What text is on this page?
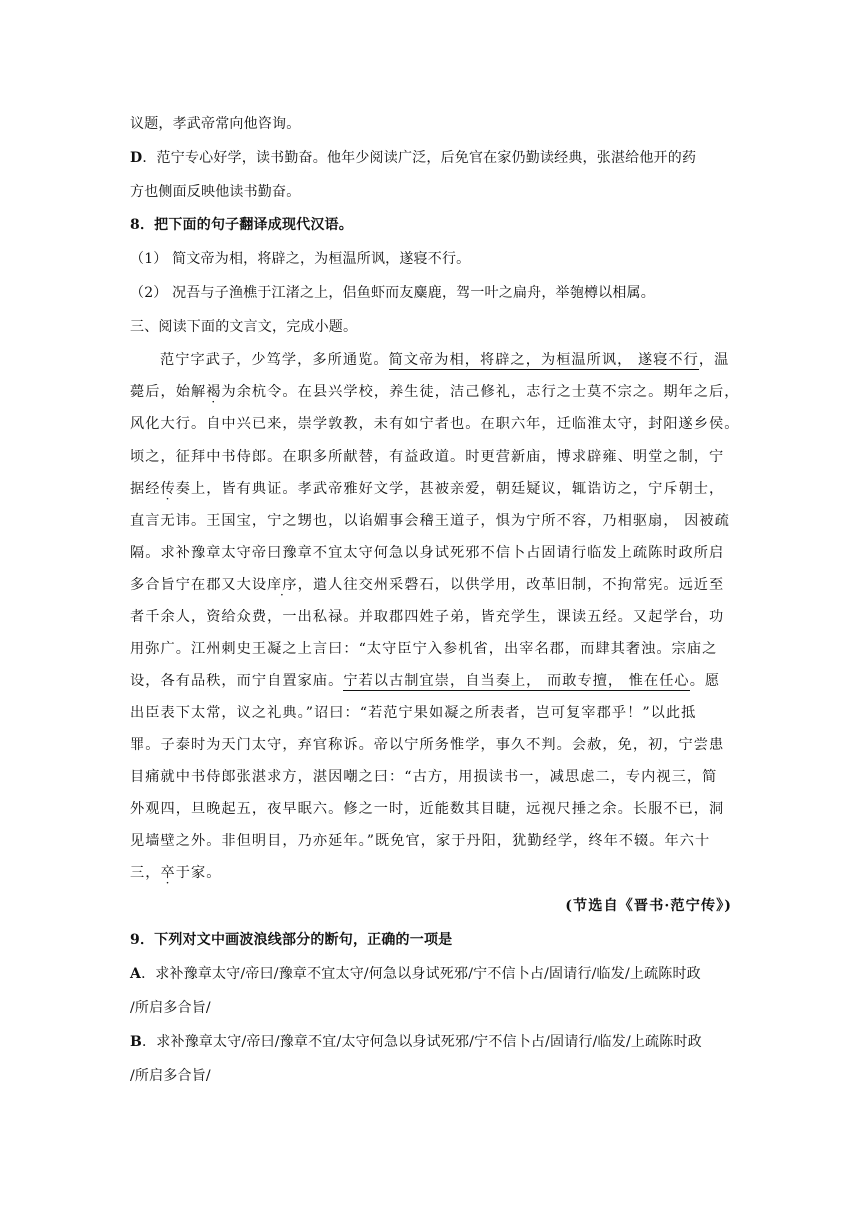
议题，孝武帝常向他咨询。
D．范宁专心好学，读书勤奋。他年少阅读广泛，后免官在家仍勤读经典，张湛给他开的药
方也侧面反映他读书勤奋。
8．把下面的句子翻译成现代汉语。
（1） 简文帝为相，将辟之，为桓温所讽，遂寝不行。
（2） 况吾与子渔樵于江渚之上，侣鱼虾而友麋鹿，驾一叶之扁舟，举匏樽以相属。
三、阅读下面的文言文，完成小题。
范宁字武子，少笃学，多所通览。简文帝为相，将辟之，为桓温所讽， 遂寝不行，温
薨后，始解褐为余杭令。在县兴学校，养生徒，洁己修礼，志行之士莫不宗之。期年之后，
风化大行。自中兴已来，崇学敦教，未有如宁者也。在职六年，迁临淮太守，封阳遂乡侯。
顷之，征拜中书侍郎。在职多所献替，有益政道。时更营新庙，博求辟雍、明堂之制，宁
据经传奏上，皆有典证。孝武帝雅好文学，甚被亲爱，朝廷疑议，辄诰访之，宁斥朝士，
直言无讳。王国宝，宁之甥也，以谄媚事会稽王道子，惧为宁所不容，乃相驱扇， 因被疏
隔。求补豫章太守帝曰豫章不宜太守何急以身试死邪不信卜占固请行临发上疏陈时政所启
多合旨宁在郡又大设庠序，遣人往交州采磬石，以供学用，改革旧制，不拘常宪。远近至
者千余人，资给众费，一出私禄。并取郡四姓子弟，皆充学生，课读五经。又起学台，功
用弥广。江州刺史王凝之上言曰：“太守臣宁入参机省，出宰名郡，而肆其奢浊。宗庙之
设，各有品秩，而宁自置家庙。宁若以古制宜崇，自当奏上， 而敢专擅， 惟在任心。愿
出臣表下太常，议之礼典。”诏曰：“若范宁果如凝之所表者，岂可复宰郡乎！”以此抵
罪。子泰时为天门太守，弃官称诉。帝以宁所务惟学，事久不判。会赦，免，初，宁尝患
目痛就中书侍郎张湛求方，湛因嘲之曰：“古方，用损读书一，减思虑二，专内视三，简
外观四，旦晚起五，夜早眠六。修之一时，近能数其目睫，远视尺捶之余。长服不已，洞
见墙壁之外。非但明目，乃亦延年。”既免官，家于丹阳，犹勤经学，终年不辍。年六十
三，卒于家。
(节选自《晋书·范宁传》)
9．下列对文中画波浪线部分的断句，正确的一项是
A．求补豫章太守/帝曰/豫章不宜太守/何急以身试死邪/宁不信卜占/固请行/临发/上疏陈时政
/所启多合旨/
B．求补豫章太守/帝曰/豫章不宜/太守何急以身试死邪/宁不信卜占/固请行/临发/上疏陈时政
/所启多合旨/
